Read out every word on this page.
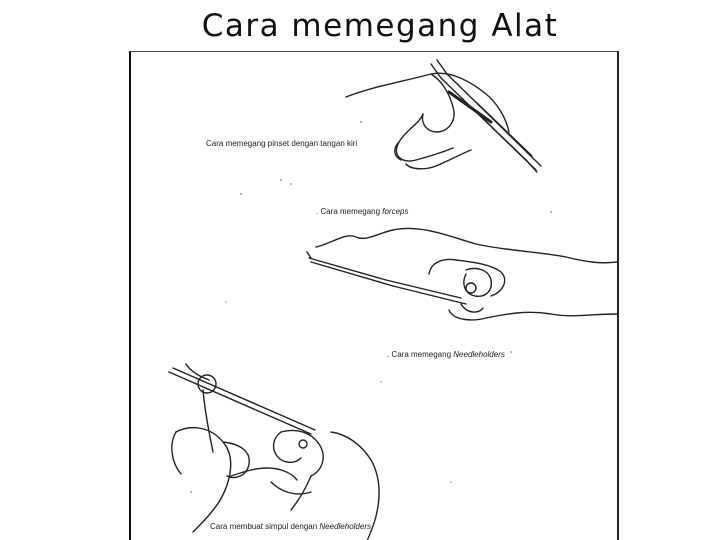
Cara memegang Alat
Cara memegang pinset dengan tangan kiri
. Cara memegang forceps
. Cara memegang Needleholders
Cara membuat simpul dengan Needleholders
